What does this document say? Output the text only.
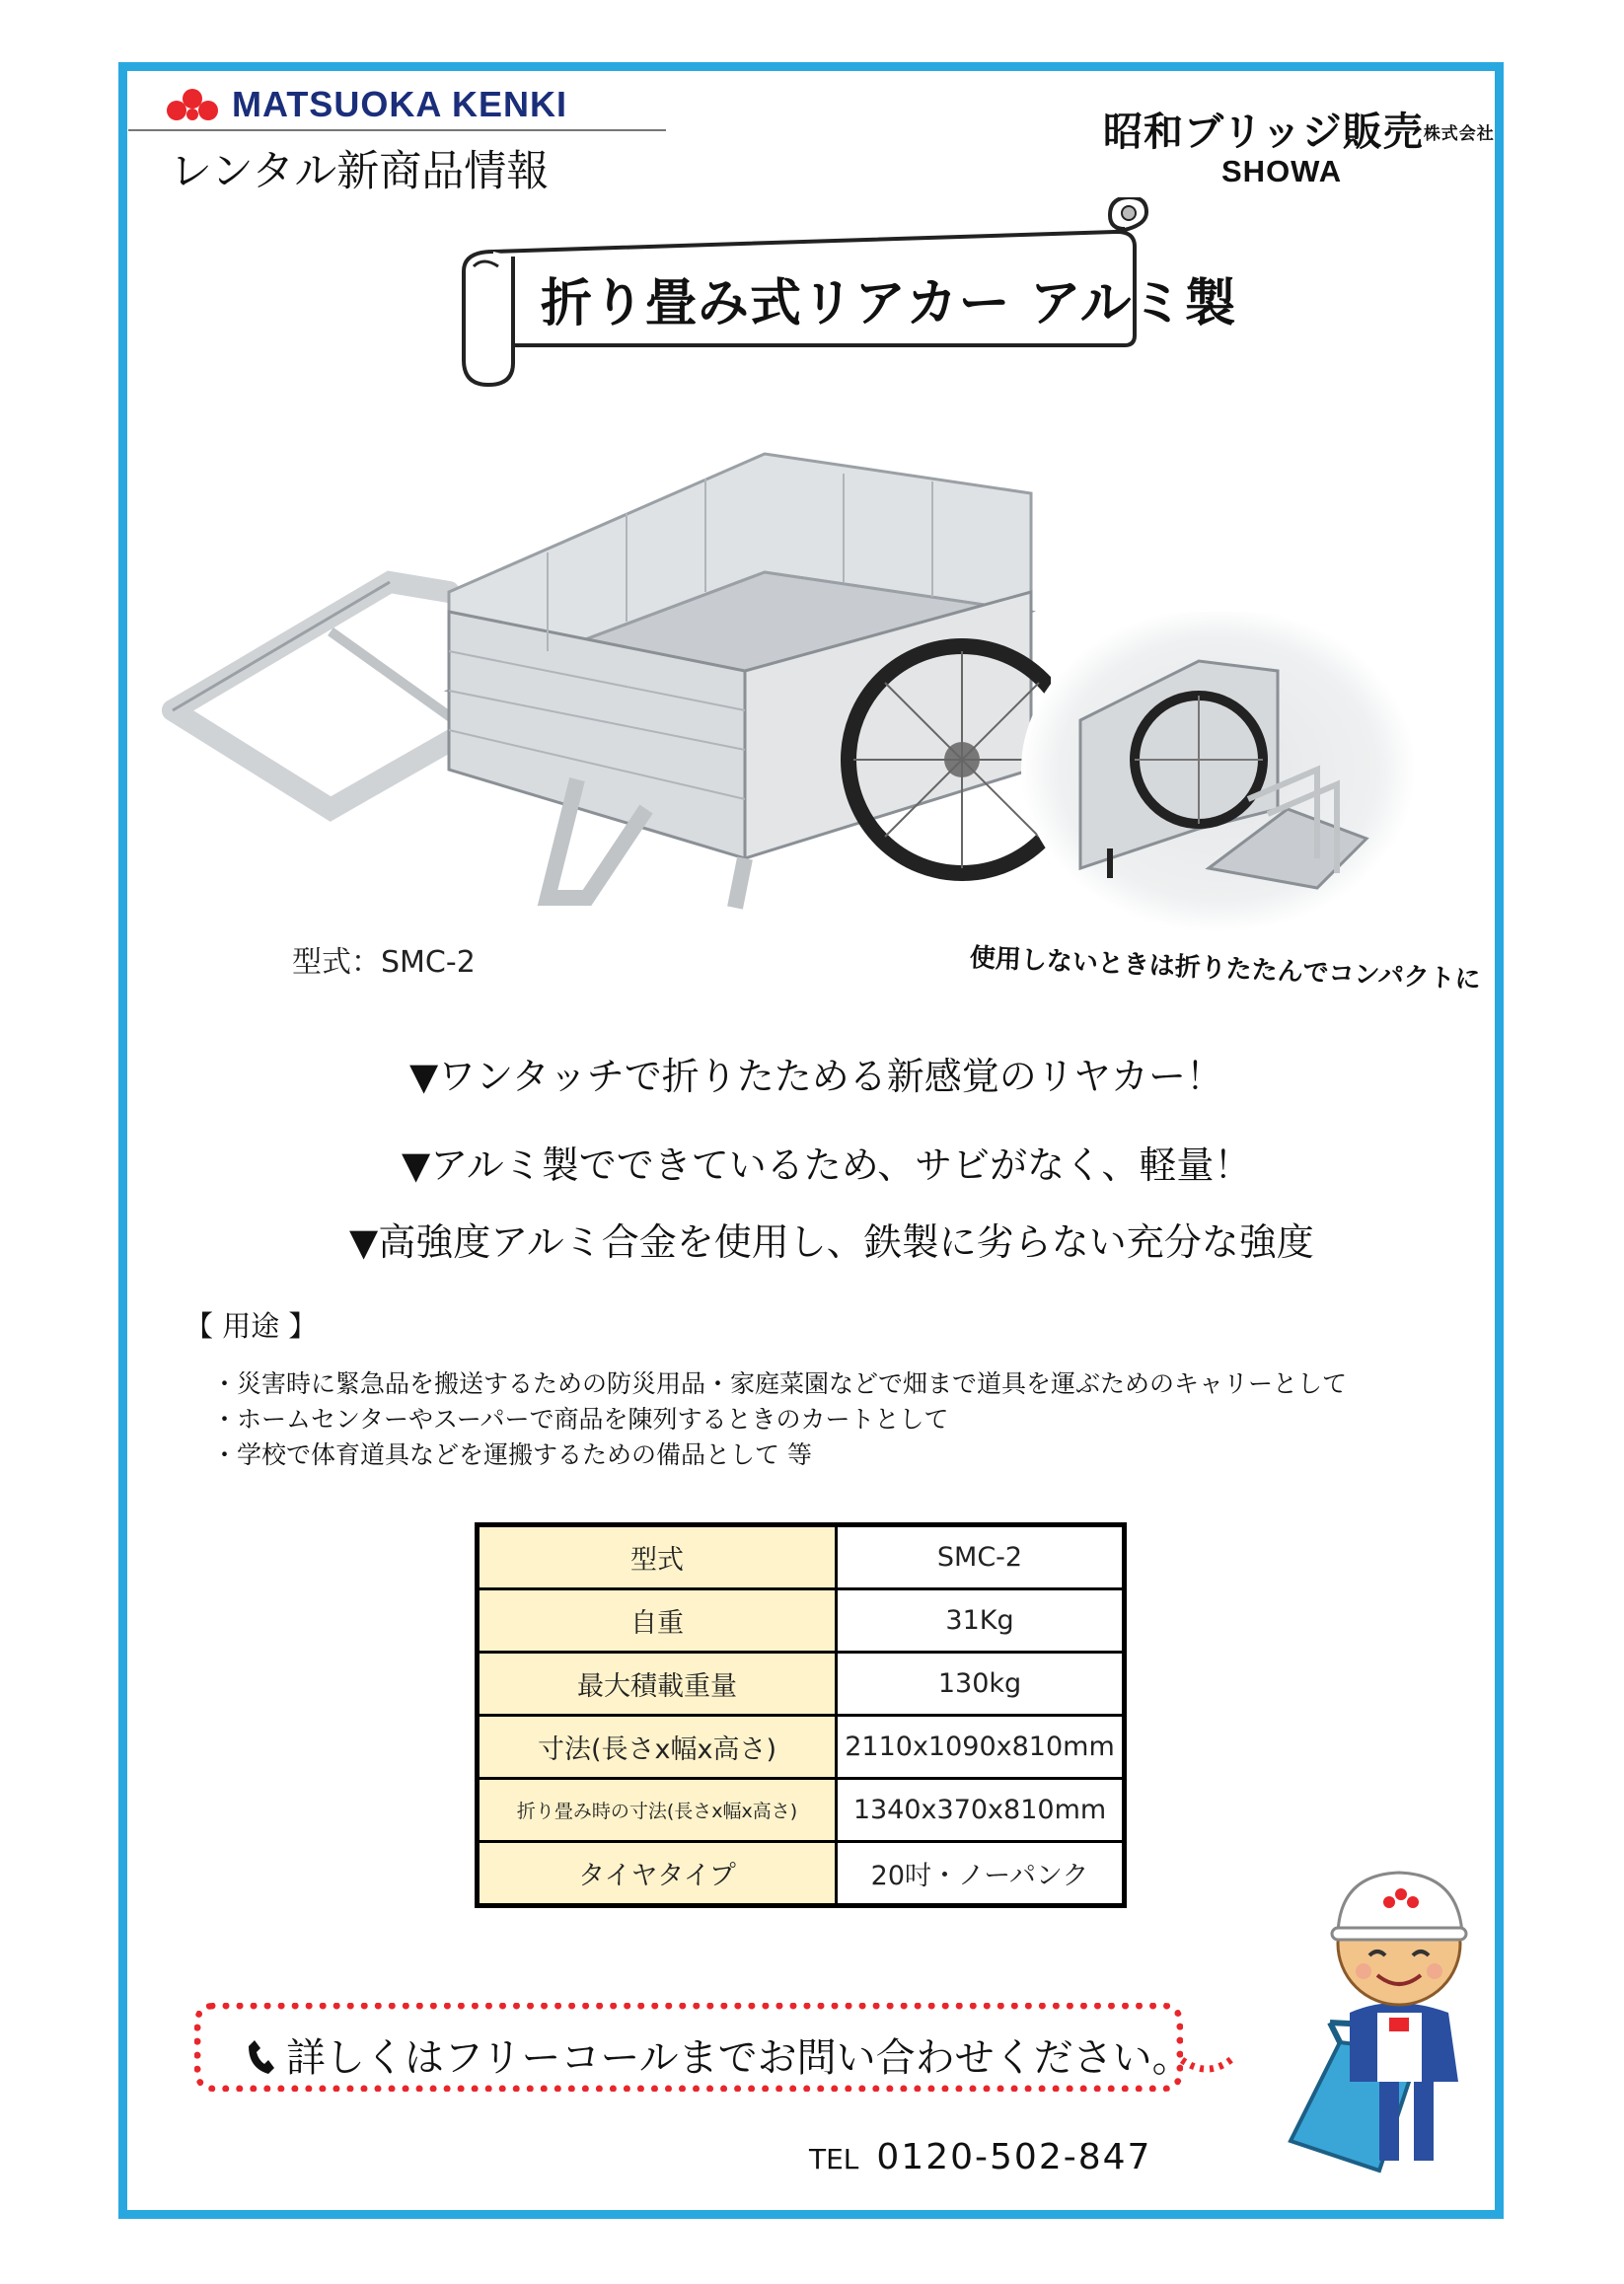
MATSUOKA KENKI
レンタル新商品情報
昭和ブリッジ販売株式会社
SHOWA
折り畳み式リアカー アルミ製
型式：SMC-2	使用しないときは折りたたんでコンパクトに
▼ワンタッチで折りたためる新感覚のリヤカー！
▼アルミ製でできているため、サビがなく、軽量！
▼高強度アルミ合金を使用し、鉄製に劣らない充分な強度
【 用途 】
・災害時に緊急品を搬送するための防災用品・家庭菜園などで畑まで道具を運ぶためのキャリーとして
・ホームセンターやスーパーで商品を陳列するときのカートとして
・学校で体育道具などを運搬するための備品として 等
型式	SMC-2
自重	31Kg
最大積載重量	130kg
寸法(長さx幅x高さ)	2110x1090x810mm
折り畳み時の寸法(長さx幅x高さ)	1340x370x810mm
タイヤタイプ	20吋・ノーパンク
詳しくはフリーコールまでお問い合わせください。
TEL 0120-502-847
